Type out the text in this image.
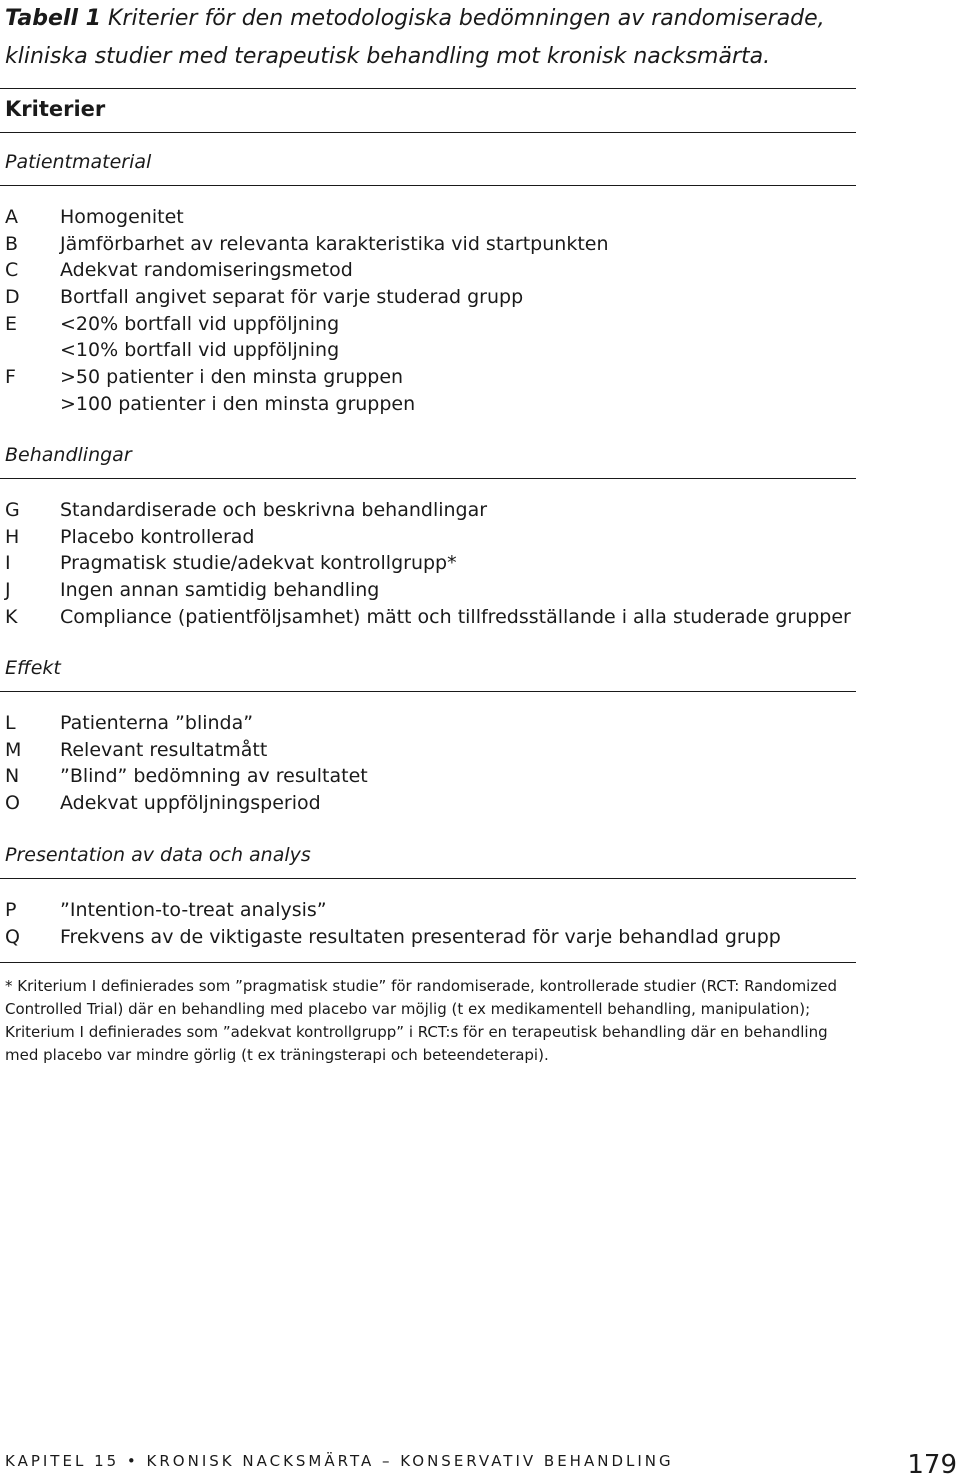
Tabell 1 Kriterier för den metodologiska bedömningen av randomiserade, kliniska studier med terapeutisk behandling mot kronisk nacksmärta.
Kriterier
Patientmaterial
A Homogenitet
B Jämförbarhet av relevanta karakteristika vid startpunkten
C Adekvat randomiseringsmetod
D Bortfall angivet separat för varje studerad grupp
E <20% bortfall vid uppföljning
<10% bortfall vid uppföljning
F >50 patienter i den minsta gruppen
>100 patienter i den minsta gruppen
Behandlingar
G Standardiserade och beskrivna behandlingar
H Placebo kontrollerad
I	Pragmatisk studie/adekvat kontrollgrupp*
J	Ingen annan samtidig behandling
K Compliance (patientföljsamhet) mätt och tillfredsställande i alla studerade grupper
Effekt
L Patienterna ”blinda”
M Relevant resultatmått
N ”Blind” bedömning av resultatet
O Adekvat uppföljningsperiod
Presentation av data och analys
P ”Intention-to-treat analysis”
Q Frekvens av de viktigaste resultaten presenterad för varje behandlad grupp
* Kriterium I definierades som ”pragmatisk studie” för randomiserade, kontrollerade studier (RCT: Randomized Controlled Trial) där en behandling med placebo var möjlig (t ex medikamentell behandling, manipulation); Kriterium I definierades som ”adekvat kontrollgrupp” i RCT:s för en terapeutisk behandling där en behandling med placebo var mindre görlig (t ex träningsterapi och beteendeterapi).
KAPITEL 15 • KRONISK NACKSMÄRTA – KONSERVATIV BEHANDLING	179
